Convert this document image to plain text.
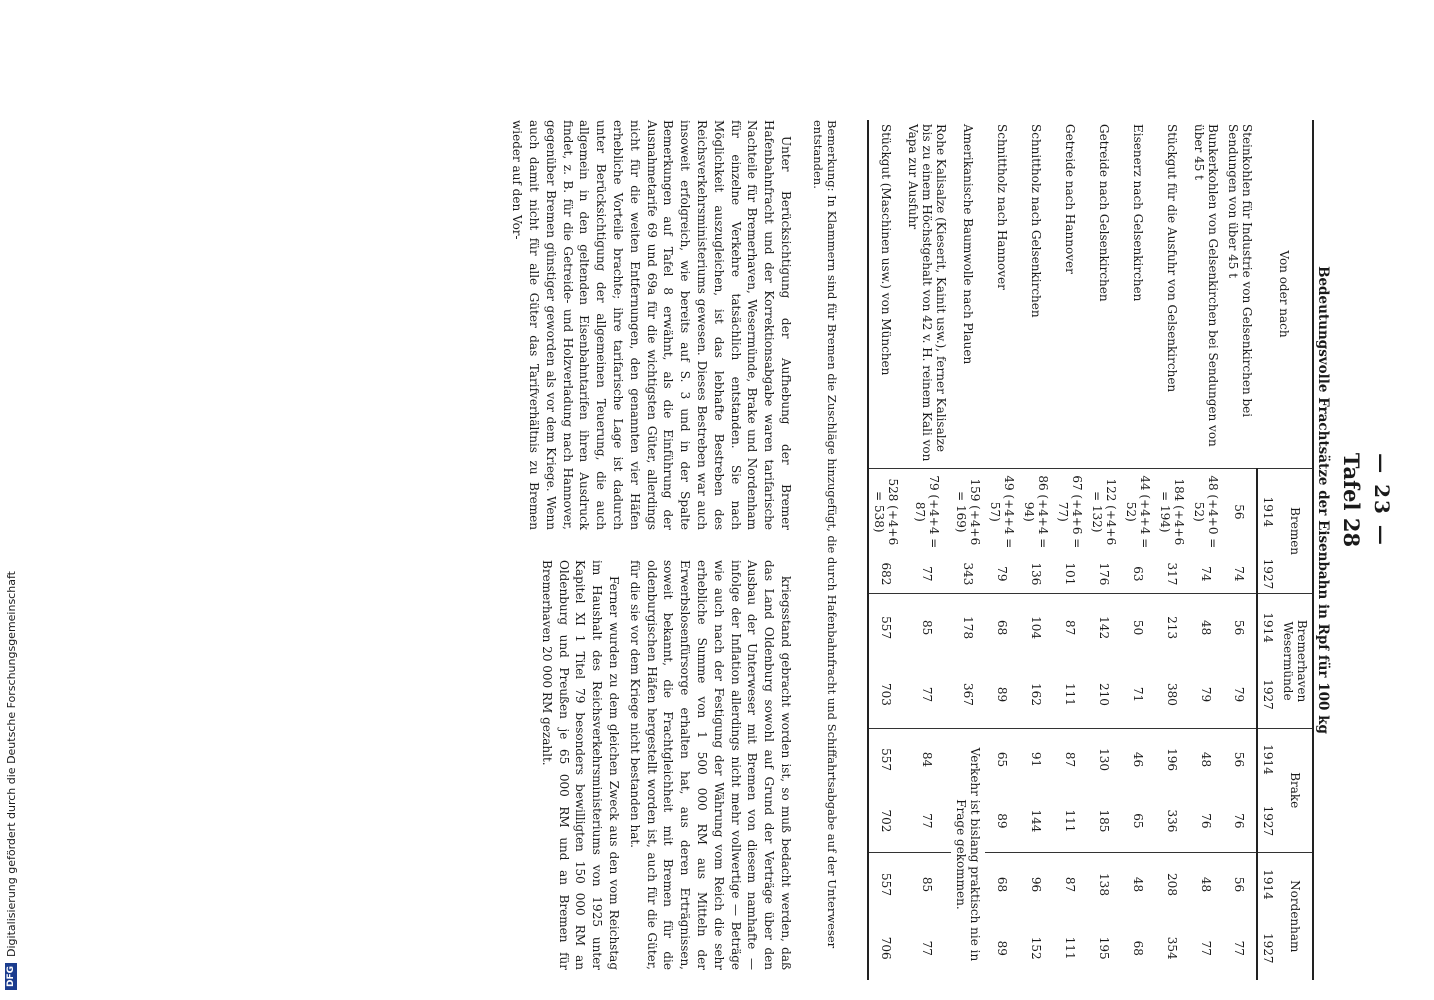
DFG
Digitalisierung gefördert durch die Deutsche Forschungsgemeinschaft
— 23 —
Tafel 28
Bedeutungsvolle Frachtsätze der Eisenbahn in Rpf für 100 kg
Von oder nach	Bremen		Bremerhaven Wesermünde		Brake		Nordenham	
	1914	1927	1914	1927	1914	1927	1914	1927
Steinkohlen für Industrie von Gelsenkirchen bei Sendungen von über 45 t	56	74	56	79	56	76	56	77
Bunkerkohlen von Gelsenkirchen bei Sendungen von über 45 t	48 (+4+0 = 52)	74	48	79	48	76	48	77
Stückgut für die Ausfuhr von Gelsenkirchen	184 (+4+6 = 194)	317	213	380	196	336	208	354
Eisenerz nach Gelsenkirchen	44 (+4+4 = 52)	63	50	71	46	65	48	68
Getreide nach Gelsenkirchen	122 (+4+6 = 132)	176	142	210	130	185	138	195
Getreide nach Hannover	67 (+4+6 = 77)	101	87	111	87	111	87	111
Schnittholz nach Gelsenkirchen	86 (+4+4 = 94)	136	104	162	91	144	96	152
Schnittholz nach Hannover	49 (+4+4 = 57)	79	68	89	65	89	68	89
Amerikanische Baumwolle nach Plauen	159 (+4+6 = 169)	343	178	367	Verkehr ist bislang praktisch nie in Frage gekommen.			
Rohe Kalisalze (Kieserit, Kainit usw.), ferner Kalisalze bis zu einem Höchstgehalt von 42 v. H. reinem Kali von Vapa zur Ausfuhr	79 (+4+4 = 87)	77	85	77	84	77	85	77
Stückgut (Maschinen usw.) von München	528 (+4+6 = 538)	682	557	703	557	702	557	706
Bemerkung: In Klammern sind für Bremen die Zuschläge hinzugefügt, die durch Hafenbahnfracht und Schiffahrtsabgabe auf der Unterweser entstanden.

Unter Berücksichtigung der Aufhebung der Bremer Hafenbahnfracht und der Korrektionsabgabe waren tarifarische Nachteile für Bremerhaven, Wesermünde, Brake und Nordenham für einzelne Verkehre tatsächlich entstanden. Sie nach Möglichkeit auszugleichen, ist das lebhafte Bestreben des Reichsverkehrsministeriums gewesen. Dieses Bestreben war auch insoweit erfolgreich, wie bereits auf S. 3 und in der Spalte Bemerkungen auf Tafel 8 erwähnt, als die Einführung der Ausnahmetarife 69 und 69a für die wichtigsten Güter, allerdings nicht für die weiten Entfernungen, den genannten vier Häfen erhebliche Vorteile brachte; ihre tarifarische Lage ist dadurch unter Berücksichtigung der allgemeinen Teuerung, die auch allgemein in den geltenden Eisenbahntarifen ihren Ausdruck findet, z. B. für die Getreide- und Holzverladung nach Hannover, gegenüber Bremen günstiger geworden als vor dem Kriege. Wenn auch damit nicht für alle Güter das Tarifverhältnis zu Bremen wieder auf den Vor-

kriegsstand gebracht worden ist, so muß bedacht werden, daß das Land Oldenburg sowohl auf Grund der Verträge über den Ausbau der Unterweser mit Bremen von diesem namhafte — infolge der Inflation allerdings nicht mehr vollwertige — Beträge wie auch nach der Festigung der Währung vom Reich die sehr erhebliche Summe von 1 500 000 RM aus Mitteln der Erwerbslosenfürsorge erhalten hat, aus deren Erträgnissen, soweit bekannt, die Frachtgleichheit mit Bremen für die oldenburgischen Häfen hergestellt worden ist, auch für die Güter, für die sie vor dem Kriege nicht bestanden hat.

Ferner wurden zu dem gleichen Zweck aus den vom Reichstag im Haushalt des Reichsverkehrsministeriums von 1925 unter Kapitel XI 1 Titel 79 besonders bewilligten 150 000 RM an Oldenburg und Preußen je 65 000 RM und an Bremen für Bremerhaven 20 000 RM gezahlt.
